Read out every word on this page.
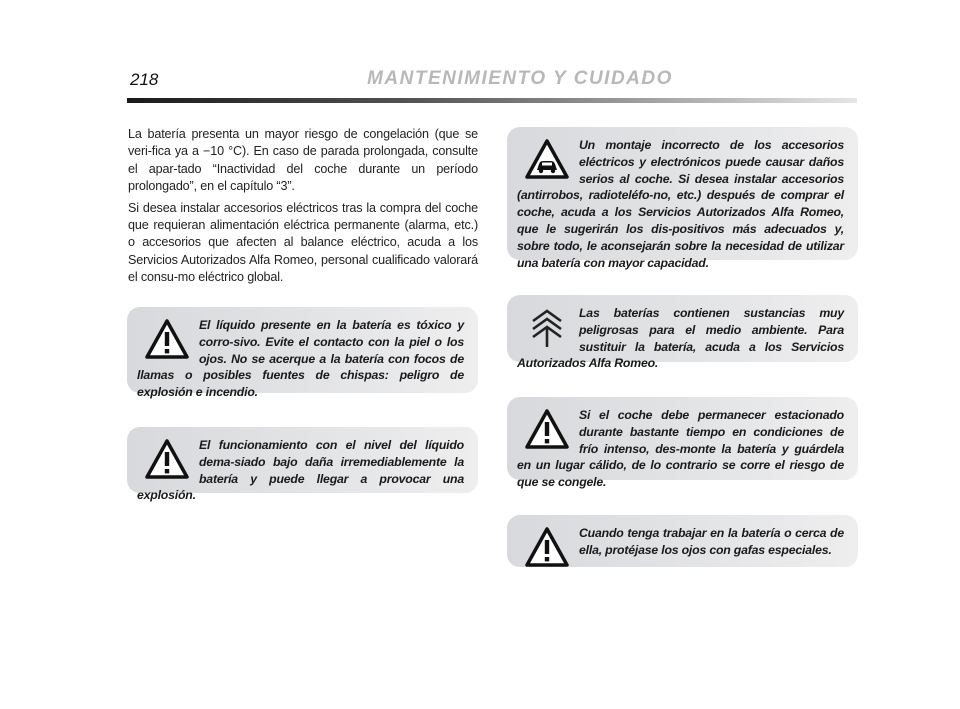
218	MANTENIMIENTO Y CUIDADO

La batería presenta un mayor riesgo de congelación (que se veri-fica ya a −10 °C). En caso de parada prolongada, consulte el apar-tado “Inactividad del coche durante un período prolongado”, en el capítulo “3”.

Si desea instalar accesorios eléctricos tras la compra del coche que requieran alimentación eléctrica permanente (alarma, etc.) o accesorios que afecten al balance eléctrico, acuda a los Servicios Autorizados Alfa Romeo, personal cualificado valorará el consu-mo eléctrico global.

El líquido presente en la batería es tóxico y corro-sivo. Evite el contacto con la piel o los ojos. No se acerque a la batería con focos de llamas o posibles fuentes de chispas: peligro de explosión e incendio.
El funcionamiento con el nivel del líquido dema-siado bajo daña irremediablemente la batería y puede llegar a provocar una explosión.
Un montaje incorrecto de los accesorios eléctricos y electrónicos puede causar daños serios al coche. Si desea instalar accesorios (antirrobos, radioteléfo-no, etc.) después de comprar el coche, acuda a los Servicios Autorizados Alfa Romeo, que le sugerirán los dis-positivos más adecuados y, sobre todo, le aconsejarán sobre la necesidad de utilizar una batería con mayor capacidad.
Las baterías contienen sustancias muy peligrosas para el medio ambiente. Para sustituir la batería, acuda a los Servicios Autorizados Alfa Romeo.
Si el coche debe permanecer estacionado durante bastante tiempo en condiciones de frío intenso, des-monte la batería y guárdela en un lugar cálido, de lo contrario se corre el riesgo de que se congele.
Cuando tenga trabajar en la batería o cerca de ella, protéjase los ojos con gafas especiales.
